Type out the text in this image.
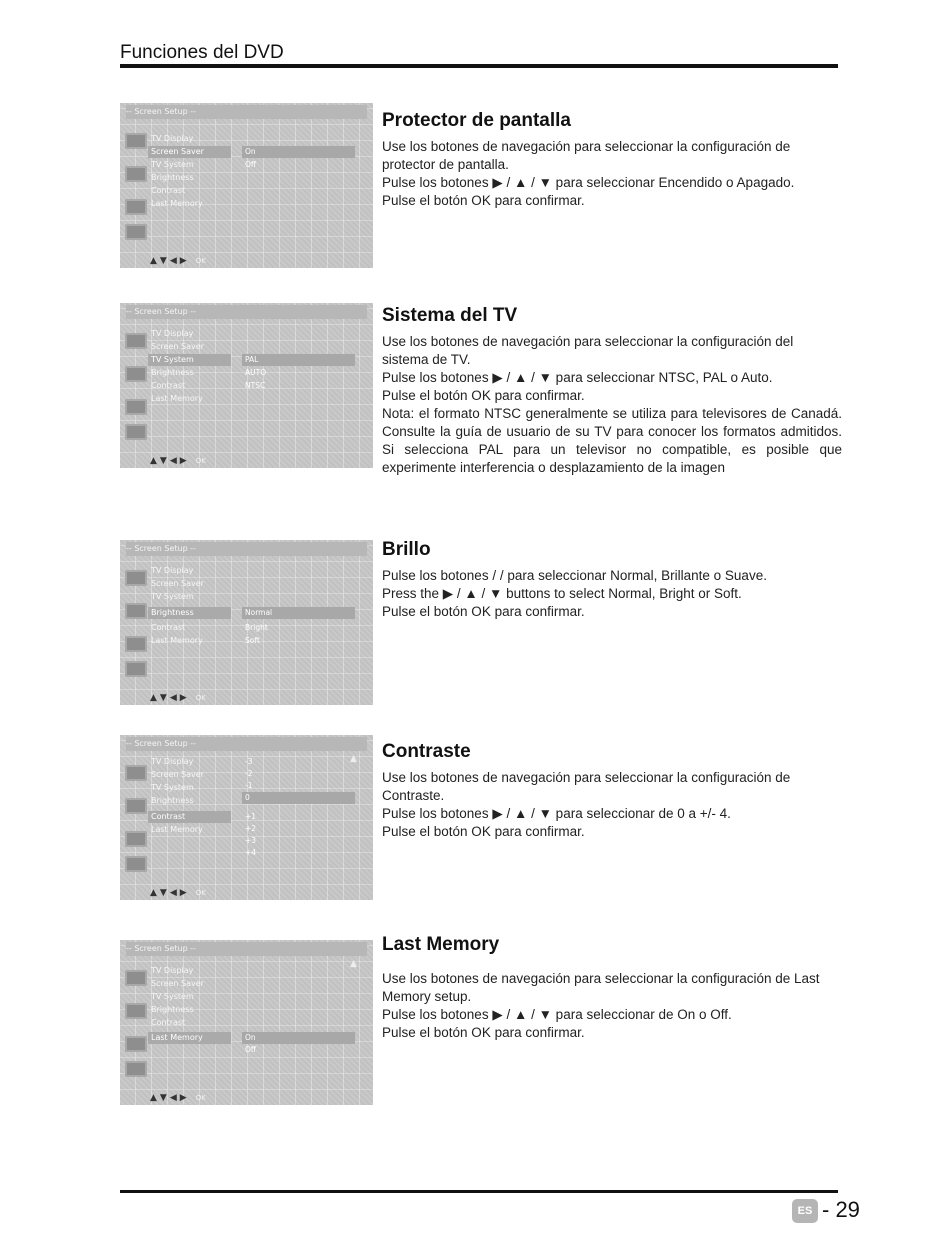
Funciones del DVD
-- Screen Setup --
TV Display
Screen Saver
TV System
Brightness
Contrast
Last Memory
On
Off
▲▼◀▶ OK
Protector de pantalla
Use los botones de navegación para seleccionar la configuración de protector de pantalla.
Pulse los botones ▶ / ▲ / ▼ para seleccionar Encendido o Apagado.
Pulse el botón OK para confirmar.
-- Screen Setup --
TV Display
Screen Saver
TV System
Brightness
Contrast
Last Memory
PAL
AUTO
NTSC
▲▼◀▶ OK
Sistema del TV
Use los botones de navegación para seleccionar la configuración del sistema de TV.
Pulse los botones ▶ / ▲ / ▼ para seleccionar NTSC, PAL o Auto.
Pulse el botón OK para confirmar.
Nota: el formato NTSC generalmente se utiliza para televisores de Canadá. Consulte la guía de usuario de su TV para conocer los formatos admitidos. Si selecciona PAL para un televisor no compatible, es posible que experimente interferencia o desplazamiento de la imagen
-- Screen Setup --
TV Display
Screen Saver
TV System
Brightness
Contrast
Last Memory
Normal
Bright
Soft
▲▼◀▶ OK
Brillo
Pulse los botones / / para seleccionar Normal, Brillante o Suave.
Press the ▶ / ▲ / ▼ buttons to select Normal, Bright or Soft.
Pulse el botón OK para confirmar.
-- Screen Setup --
▲
TV Display
Screen Saver
TV System
Brightness
Contrast
Last Memory
-3
-2
-1
0
+1
+2
+3
+4
▲▼◀▶ OK
Contraste
Use los botones de navegación para seleccionar la configuración de Contraste.
Pulse los botones ▶ / ▲ / ▼ para seleccionar de 0 a +/- 4.
Pulse el botón OK para confirmar.
-- Screen Setup --
▲
TV Display
Screen Saver
TV System
Brightness
Contrast
Last Memory	On
Off
▲▼◀▶ OK
Last Memory
Use los botones de navegación para seleccionar la configuración de Last Memory setup.
Pulse los botones ▶ / ▲ / ▼ para seleccionar de On o Off.
Pulse el botón OK para confirmar.
ES - 29
